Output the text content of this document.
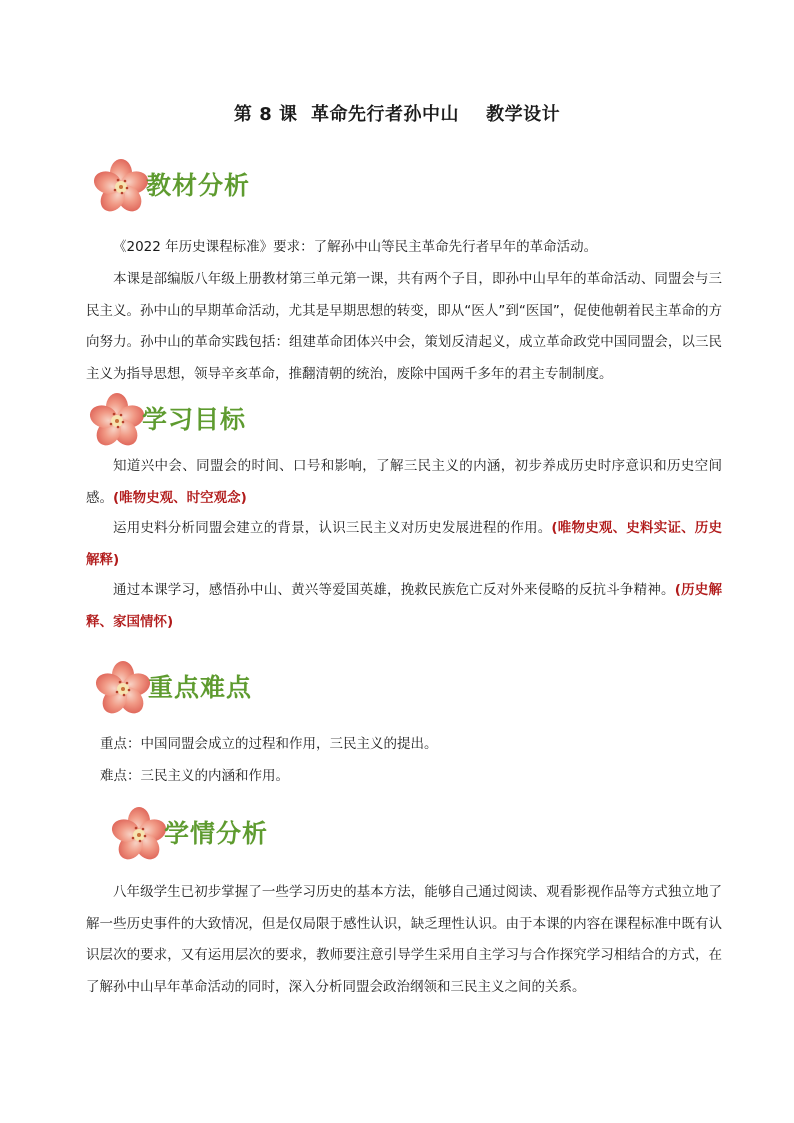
第 8 课  革命先行者孙中山    教学设计
教材分析

《2022 年历史课程标准》要求：了解孙中山等民主革命先行者早年的革命活动。

本课是部编版八年级上册教材第三单元第一课，共有两个子目，即孙中山早年的革命活动、同盟会与三民主义。孙中山的早期革命活动，尤其是早期思想的转变，即从“医人”到“医国”，促使他朝着民主革命的方向努力。孙中山的革命实践包括：组建革命团体兴中会，策划反清起义，成立革命政党中国同盟会，以三民主义为指导思想，领导辛亥革命，推翻清朝的统治，废除中国两千多年的君主专制制度。

学习目标

知道兴中会、同盟会的时间、口号和影响，了解三民主义的内涵，初步养成历史时序意识和历史空间感。(唯物史观、时空观念)

运用史料分析同盟会建立的背景，认识三民主义对历史发展进程的作用。(唯物史观、史料实证、历史解释)

通过本课学习，感悟孙中山、黄兴等爱国英雄，挽救民族危亡反对外来侵略的反抗斗争精神。(历史解释、家国情怀)

重点难点

重点：中国同盟会成立的过程和作用，三民主义的提出。

难点：三民主义的内涵和作用。

学情分析

八年级学生已初步掌握了一些学习历史的基本方法，能够自己通过阅读、观看影视作品等方式独立地了解一些历史事件的大致情况，但是仅局限于感性认识，缺乏理性认识。由于本课的内容在课程标准中既有认识层次的要求，又有运用层次的要求，教师要注意引导学生采用自主学习与合作探究学习相结合的方式，在了解孙中山早年革命活动的同时，深入分析同盟会政治纲领和三民主义之间的关系。
